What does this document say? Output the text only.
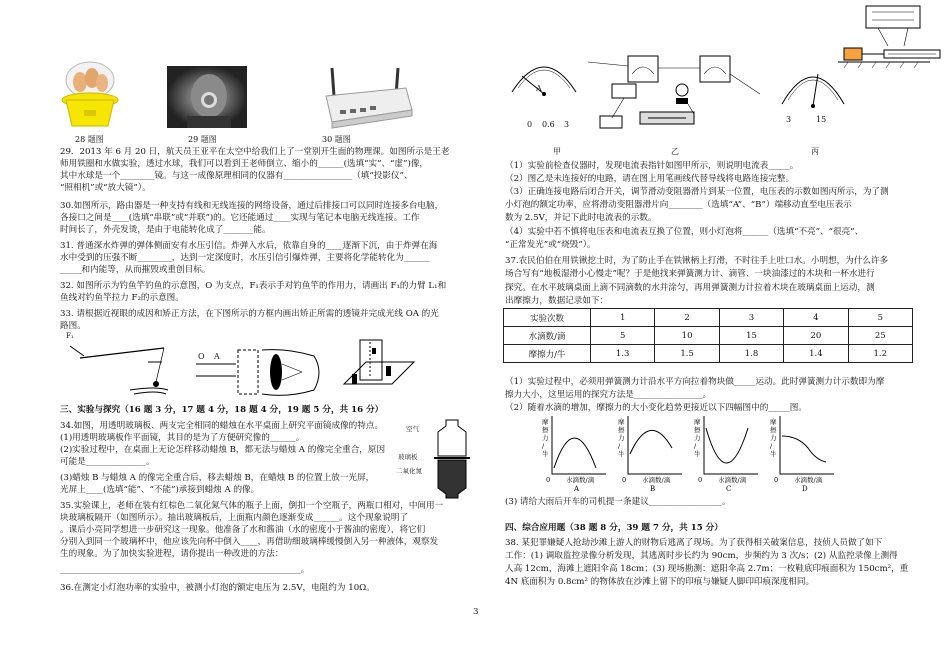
28 题图	29 题图	30 题图
29．2013 年 6 月 20 日，航天员王亚平在太空中给我们上了一堂别开生面的物理课。如图所示是王老
师用铁圈和水做实验，透过水球，我们可以看到王老师倒立、缩小的______(选填“实”、“虚”)像，
其中水球是一个________镜。与这一成像原理相同的仪器有________________（填“投影仪”、
“照相机”或“放大镜”）。
30.如图所示，路由器是一种支持有线和无线连接的网络设备，通过后排接口可以同时连接多台电脑，
各接口之间是____(选填“串联”或“并联”)的。它还能通过____实现与笔记本电脑无线连接。工作
时间长了，外壳发烫，是由于电能转化成了_______能。
31. 普通深水炸弹的弹体侧面安有水压引信。炸弹入水后，依靠自身的____逐渐下沉，由于炸弹在海
水中受到的压强不断________，达到一定深度时，水压引信引爆炸弹，主要将化学能转化为______
_____和内能等，从而摧毁或重创目标。
32. 如图所示为钓鱼竿钓鱼的示意图，O 为支点，F₁表示手对钓鱼竿的作用力，请画出 F₁的力臂 L₁和
鱼线对钓鱼竿拉力 F₂的示意图。
33. 请根据近视眼的成因和矫正方法，在下图所示的方框内画出矫正所需的透镜并完成光线 OA 的光
路图。
F₁
O A
三、实验与探究（16 题 3 分，17 题 4 分，18 题 4 分，19 题 5 分，共 16 分）
34.如图，用透明玻璃板、两支完全相同的蜡烛在水平桌面上研究平面镜成像的特点。
(1)用透明玻璃板作平面镜，其目的是为了方便研究像的______。
(2)实验过程中，在桌面上无论怎样移动蜡烛 B，都无法与蜡烛 A 的像完全重合，原因
可能是______________。
(3)蜡烛 B 与蜡烛 A 的像完全重合后，移去蜡烛 B，在蜡烛 B 的位置上放一光屏，
光屏上____(选填“能”、“不能”)承接到蜡烛 A 的像。
空气
玻璃板
二氧化氮
35.实验课上，老师在装有红棕色二氧化氮气体的瓶子上面，倒扣一个空瓶子，两瓶口相对，中间用一
块玻璃板隔开（如图所示）。抽出玻璃板后，上面瓶内颜色逐渐变成______。这个现象说明了
。课后小亮同学想进一步研究这一现象。他准备了水和酱油（水的密度小于酱油的密度），将它们
分别入到同一个玻璃杯中，他应该先向杯中倒入____，再借助细玻璃棒缓慢倒入另一种液体，观察发
生的现象。为了加快实验进程，请你提出一种改进的方法：
________________________________________________________。
36.在测定小灯泡功率的实验中，被测小灯泡的额定电压为 2.5V，电阻约为 10Ω。
A
0 0.6 3
3	15
甲	乙	丙
（1）实验前检查仪器时，发现电流表指针如图甲所示，则说明电流表_____。
（2）图乙是未连接好的电路，请在图上用笔画线代替导线将电路连接完整。
（3）正确连接电路后闭合开关，调节滑动变阻器滑片到某一位置，电压表的示数如图丙所示，为了测
小灯泡的额定功率，应将滑动变阻器滑片向________（选填“A”、“B”）端移动直至电压表示
数为 2.5V，并记下此时电流表的示数。
（4）实验中若不慎将电压表和电流表互换了位置，则小灯泡将______（选填“不亮”、“很亮”、
“正常发光”或“烧毁”）。
37.农民伯伯在用铁锹挖土时，为了防止手在铁锹柄上打滑，不时往手上吐口水。小明想，为什么许多
场合写有“地板湿滑小心慢走”呢？于是他找来弹簧测力计、滴管、一块油漆过的木块和一杯水进行
探究。在水平玻璃桌面上滴不同滴数的水并涂匀，再用弹簧测力计拉着木块在玻璃桌面上运动，测
出摩擦力，数据记录如下：
实验次数	1	2	3	4	5
水滴数/滴	5	10	15	20	25
摩擦力/牛	1.3	1.5	1.8	1.4	1.2
（1）实验过程中，必须用弹簧测力计沿水平方向拉着物块做_____运动。此时弹簧测力计示数即为摩
擦力大小，这里运用的探究方法是________________。
（2）随着水滴的增加，摩擦力的大小变化趋势更接近以下四幅图中的_____图。
摩
擦
力
/
牛
0 水滴数/滴
A
摩
擦
力
/
牛
0 水滴数/滴
B
摩
擦
力
/
牛
0 水滴数/滴
C
摩
擦
力
/
牛
0 水滴数/滴
D
(3) 请给大雨后开车的司机提一条建议_________________。
四、综合应用题（38 题 8 分，39 题 7 分，共 15 分）
38. 某犯罪嫌疑人抢劫沙滩上游人的财物后逃离了现场。为了获得相关破案信息，技侦人员做了如下
工作：(1) 调取监控录像分析发现，其逃离时步长约为 90cm，步频约为 3 次/s；(2) 从监控录像上测得
人高 12cm，海滩上遮阳伞高 18cm；(3) 现场勘测：遮阳伞高 2.7m；一枚鞋底印痕面积为 150cm²，重
4N 底面积为 0.8cm² 的物体放在沙滩上留下的印痕与嫌疑人脚印印痕深度相同。
3
